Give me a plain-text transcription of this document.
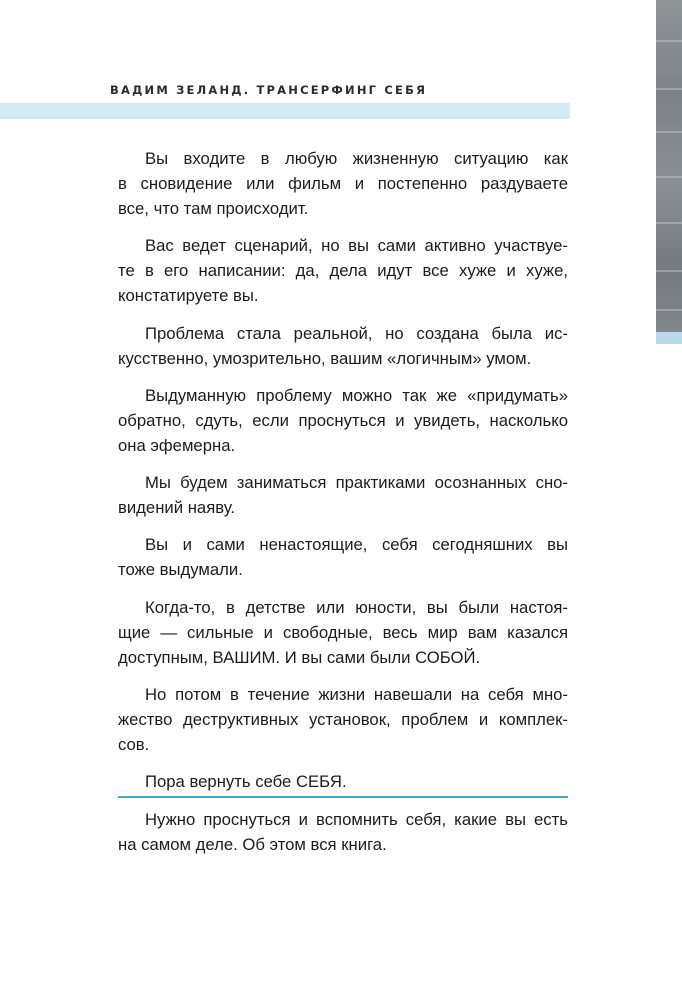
ВАДИМ ЗЕЛАНД. ТРАНСЕРФИНГ СЕБЯ

Вы входите в любую жизненную ситуацию как
в сновидение или фильм и постепенно раздуваете
все, что там происходит.

Вас ведет сценарий, но вы сами активно участвуе-
те в его написании: да, дела идут все хуже и хуже,
констатируете вы.

Проблема стала реальной, но создана была ис-
кусственно, умозрительно, вашим «логичным» умом.

Выдуманную проблему можно так же «придумать»
обратно, сдуть, если проснуться и увидеть, насколько
она эфемерна.

Мы будем заниматься практиками осознанных сно-
видений наяву.

Вы и сами ненастоящие, себя сегодняшних вы
тоже выдумали.

Когда-то, в детстве или юности, вы были настоя-
щие — сильные и свободные, весь мир вам казался
доступным, ВАШИМ. И вы сами были СОБОЙ.

Но потом в течение жизни навешали на себя мно-
жество деструктивных установок, проблем и комплек-
сов.

Пора вернуть себе СЕБЯ.

Нужно проснуться и вспомнить себя, какие вы есть
на самом деле. Об этом вся книга.
